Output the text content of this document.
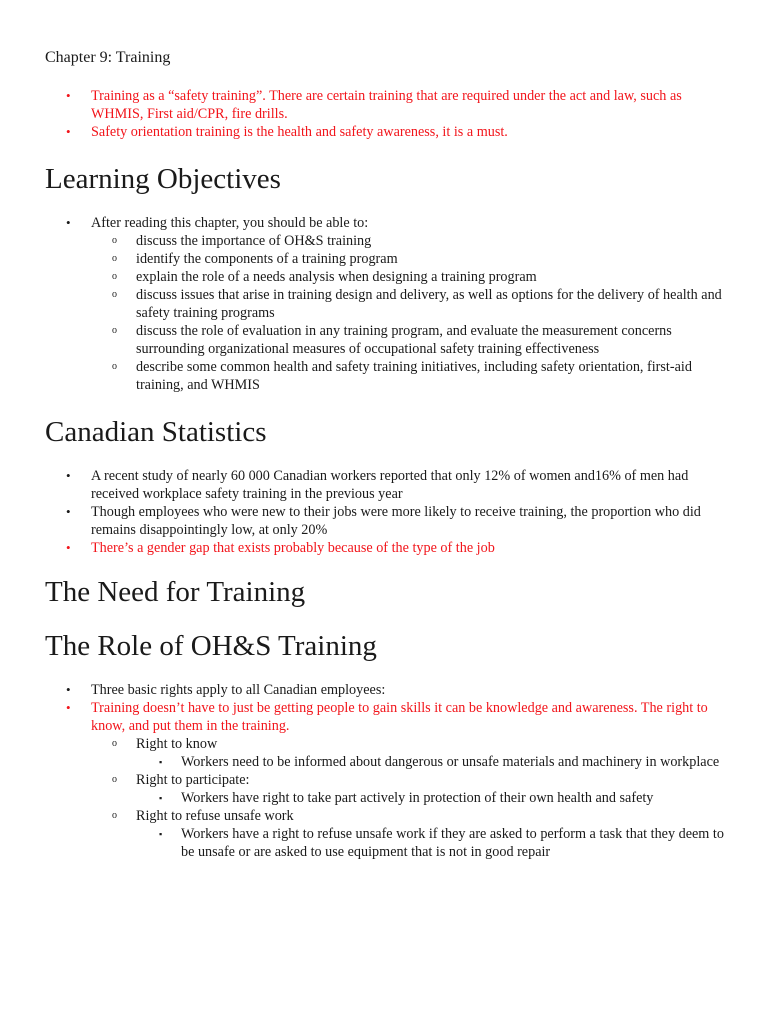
Chapter 9: Training
• Training as a “safety training”. There are certain training that are required under the act and law, such as WHMIS, First aid/CPR, fire drills.
• Safety orientation training is the health and safety awareness, it is a must.
Learning Objectives
• After reading this chapter, you should be able to:
o discuss the importance of OH&S training
o identify the components of a training program
o explain the role of a needs analysis when designing a training program
o discuss issues that arise in training design and delivery, as well as options for the delivery of health and safety training programs
o discuss the role of evaluation in any training program, and evaluate the measurement concerns surrounding organizational measures of occupational safety training effectiveness
o describe some common health and safety training initiatives, including safety orientation, first-aid training, and WHMIS
Canadian Statistics
• A recent study of nearly 60 000 Canadian workers reported that only 12% of women and16% of men had received workplace safety training in the previous year
• Though employees who were new to their jobs were more likely to receive training, the proportion who did remains disappointingly low, at only 20%
• There’s a gender gap that exists probably because of the type of the job
The Need for Training
The Role of OH&S Training
• Three basic rights apply to all Canadian employees:
• Training doesn’t have to just be getting people to gain skills it can be knowledge and awareness. The right to know, and put them in the training.
o Right to know
▪ Workers need to be informed about dangerous or unsafe materials and machinery in workplace
o Right to participate:
▪ Workers have right to take part actively in protection of their own health and safety
o Right to refuse unsafe work
▪ Workers have a right to refuse unsafe work if they are asked to perform a task that they deem to be unsafe or are asked to use equipment that is not in good repair
